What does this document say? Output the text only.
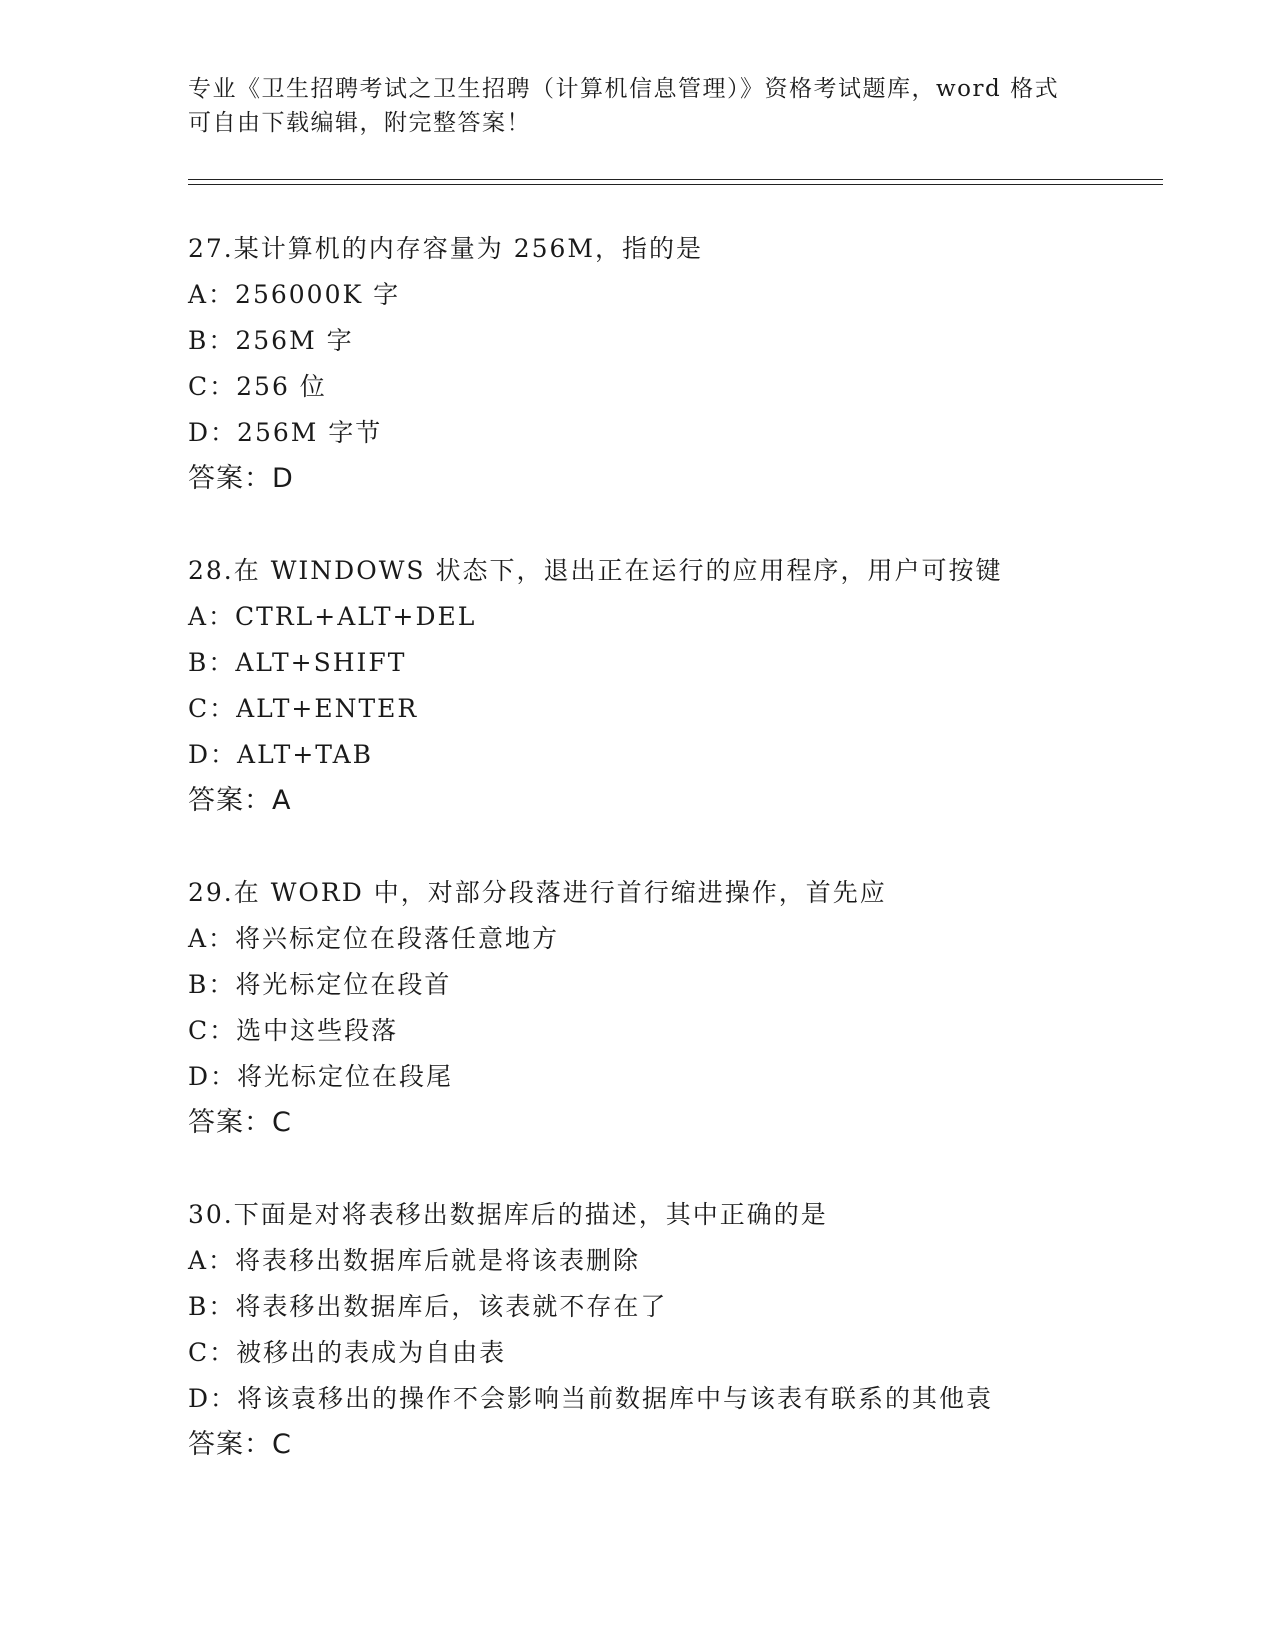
专业《卫生招聘考试之卫生招聘（计算机信息管理）》资格考试题库，word 格式
可自由下载编辑，附完整答案！
27.某计算机的内存容量为 256M，指的是
A：256000K 字
B：256M 字
C：256 位
D：256M 字节
答案：D
28.在 WINDOWS 状态下，退出正在运行的应用程序，用户可按键
A：CTRL+ALT+DEL
B：ALT+SHIFT
C：ALT+ENTER
D：ALT+TAB
答案：A
29.在 WORD 中，对部分段落进行首行缩进操作，首先应
A：将兴标定位在段落任意地方
B：将光标定位在段首
C：选中这些段落
D：将光标定位在段尾
答案：C
30.下面是对将表移出数据库后的描述，其中正确的是
A：将表移出数据库后就是将该表删除
B：将表移出数据库后，该表就不存在了
C：被移出的表成为自由表
D：将该袁移出的操作不会影响当前数据库中与该表有联系的其他袁
答案：C
